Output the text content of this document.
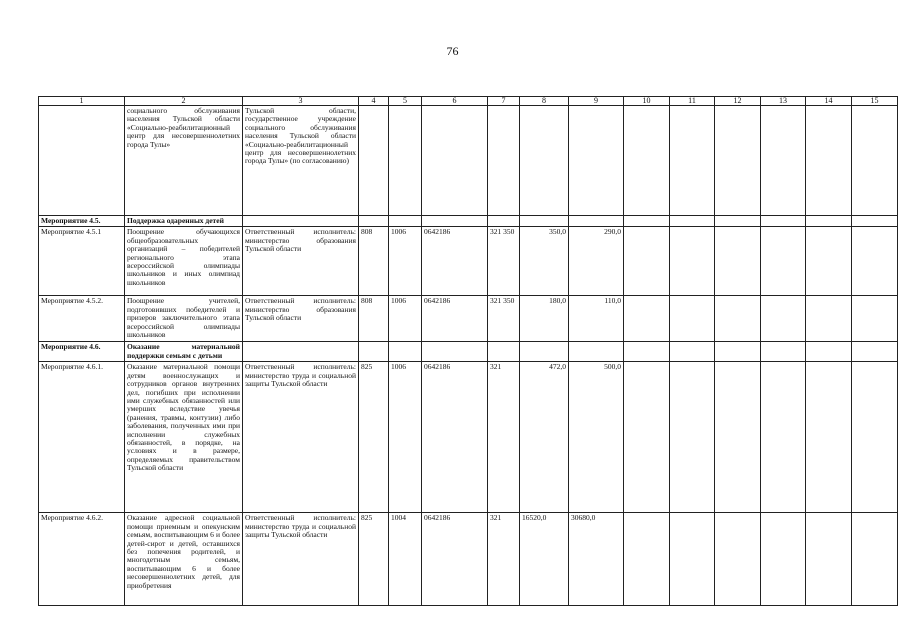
76
1	2	3	4	5	6	7	8	9	10	11	12	13	14	15
	социального обслуживания населения Тульской области «Социально-реабилитационный центр для несовершеннолетних города Тулы»	Тульской области, государственное учреждение социального обслуживания населения Тульской области «Социально-реабилитационный центр для несовершеннолетних города Тулы» (по согласованию)												
Мероприятие 4.5.	Поддержка одаренных детей													
Мероприятие 4.5.1	Поощрение обучающихся общеобразовательных организаций – победителей регионального этапа всероссийской олимпиады школьников и иных олимпиад школьников	Ответственный исполнитель: министерство образования Тульской области	808	1006	0642186	321 350	350,0	290,0						
Мероприятие 4.5.2.	Поощрение учителей, подготовивших победителей и призеров заключительного этапа всероссийской олимпиады школьников	Ответственный исполнитель: министерство образования Тульской области	808	1006	0642186	321 350	180,0	110,0						
Мероприятие 4.6.	Оказание материальной поддержки семьям с детьми													
Мероприятие 4.6.1.	Оказание материальной помощи детям военнослужащих и сотрудников органов внутренних дел, погибших при исполнении ими служебных обязанностей или умерших вследствие увечья (ранения, травмы, контузии) либо заболевания, полученных ими при исполнении служебных обязанностей, в порядке, на условиях и в размере, определяемых правительством Тульской области	Ответственный исполнитель: министерство труда и социальной защиты Тульской области	825	1006	0642186	321	472,0	500,0						
Мероприятие 4.6.2.	Оказание адресной социальной помощи приемным и опекунским семьям, воспитывающим 6 и более детей-сирот и детей, оставшихся без попечения родителей, и многодетным семьям, воспитывающим 6 и более несовершеннолетних детей, для приобретения	Ответственный исполнитель: министерство труда и социальной защиты Тульской области	825	1004	0642186	321	16520,0	30680,0						
